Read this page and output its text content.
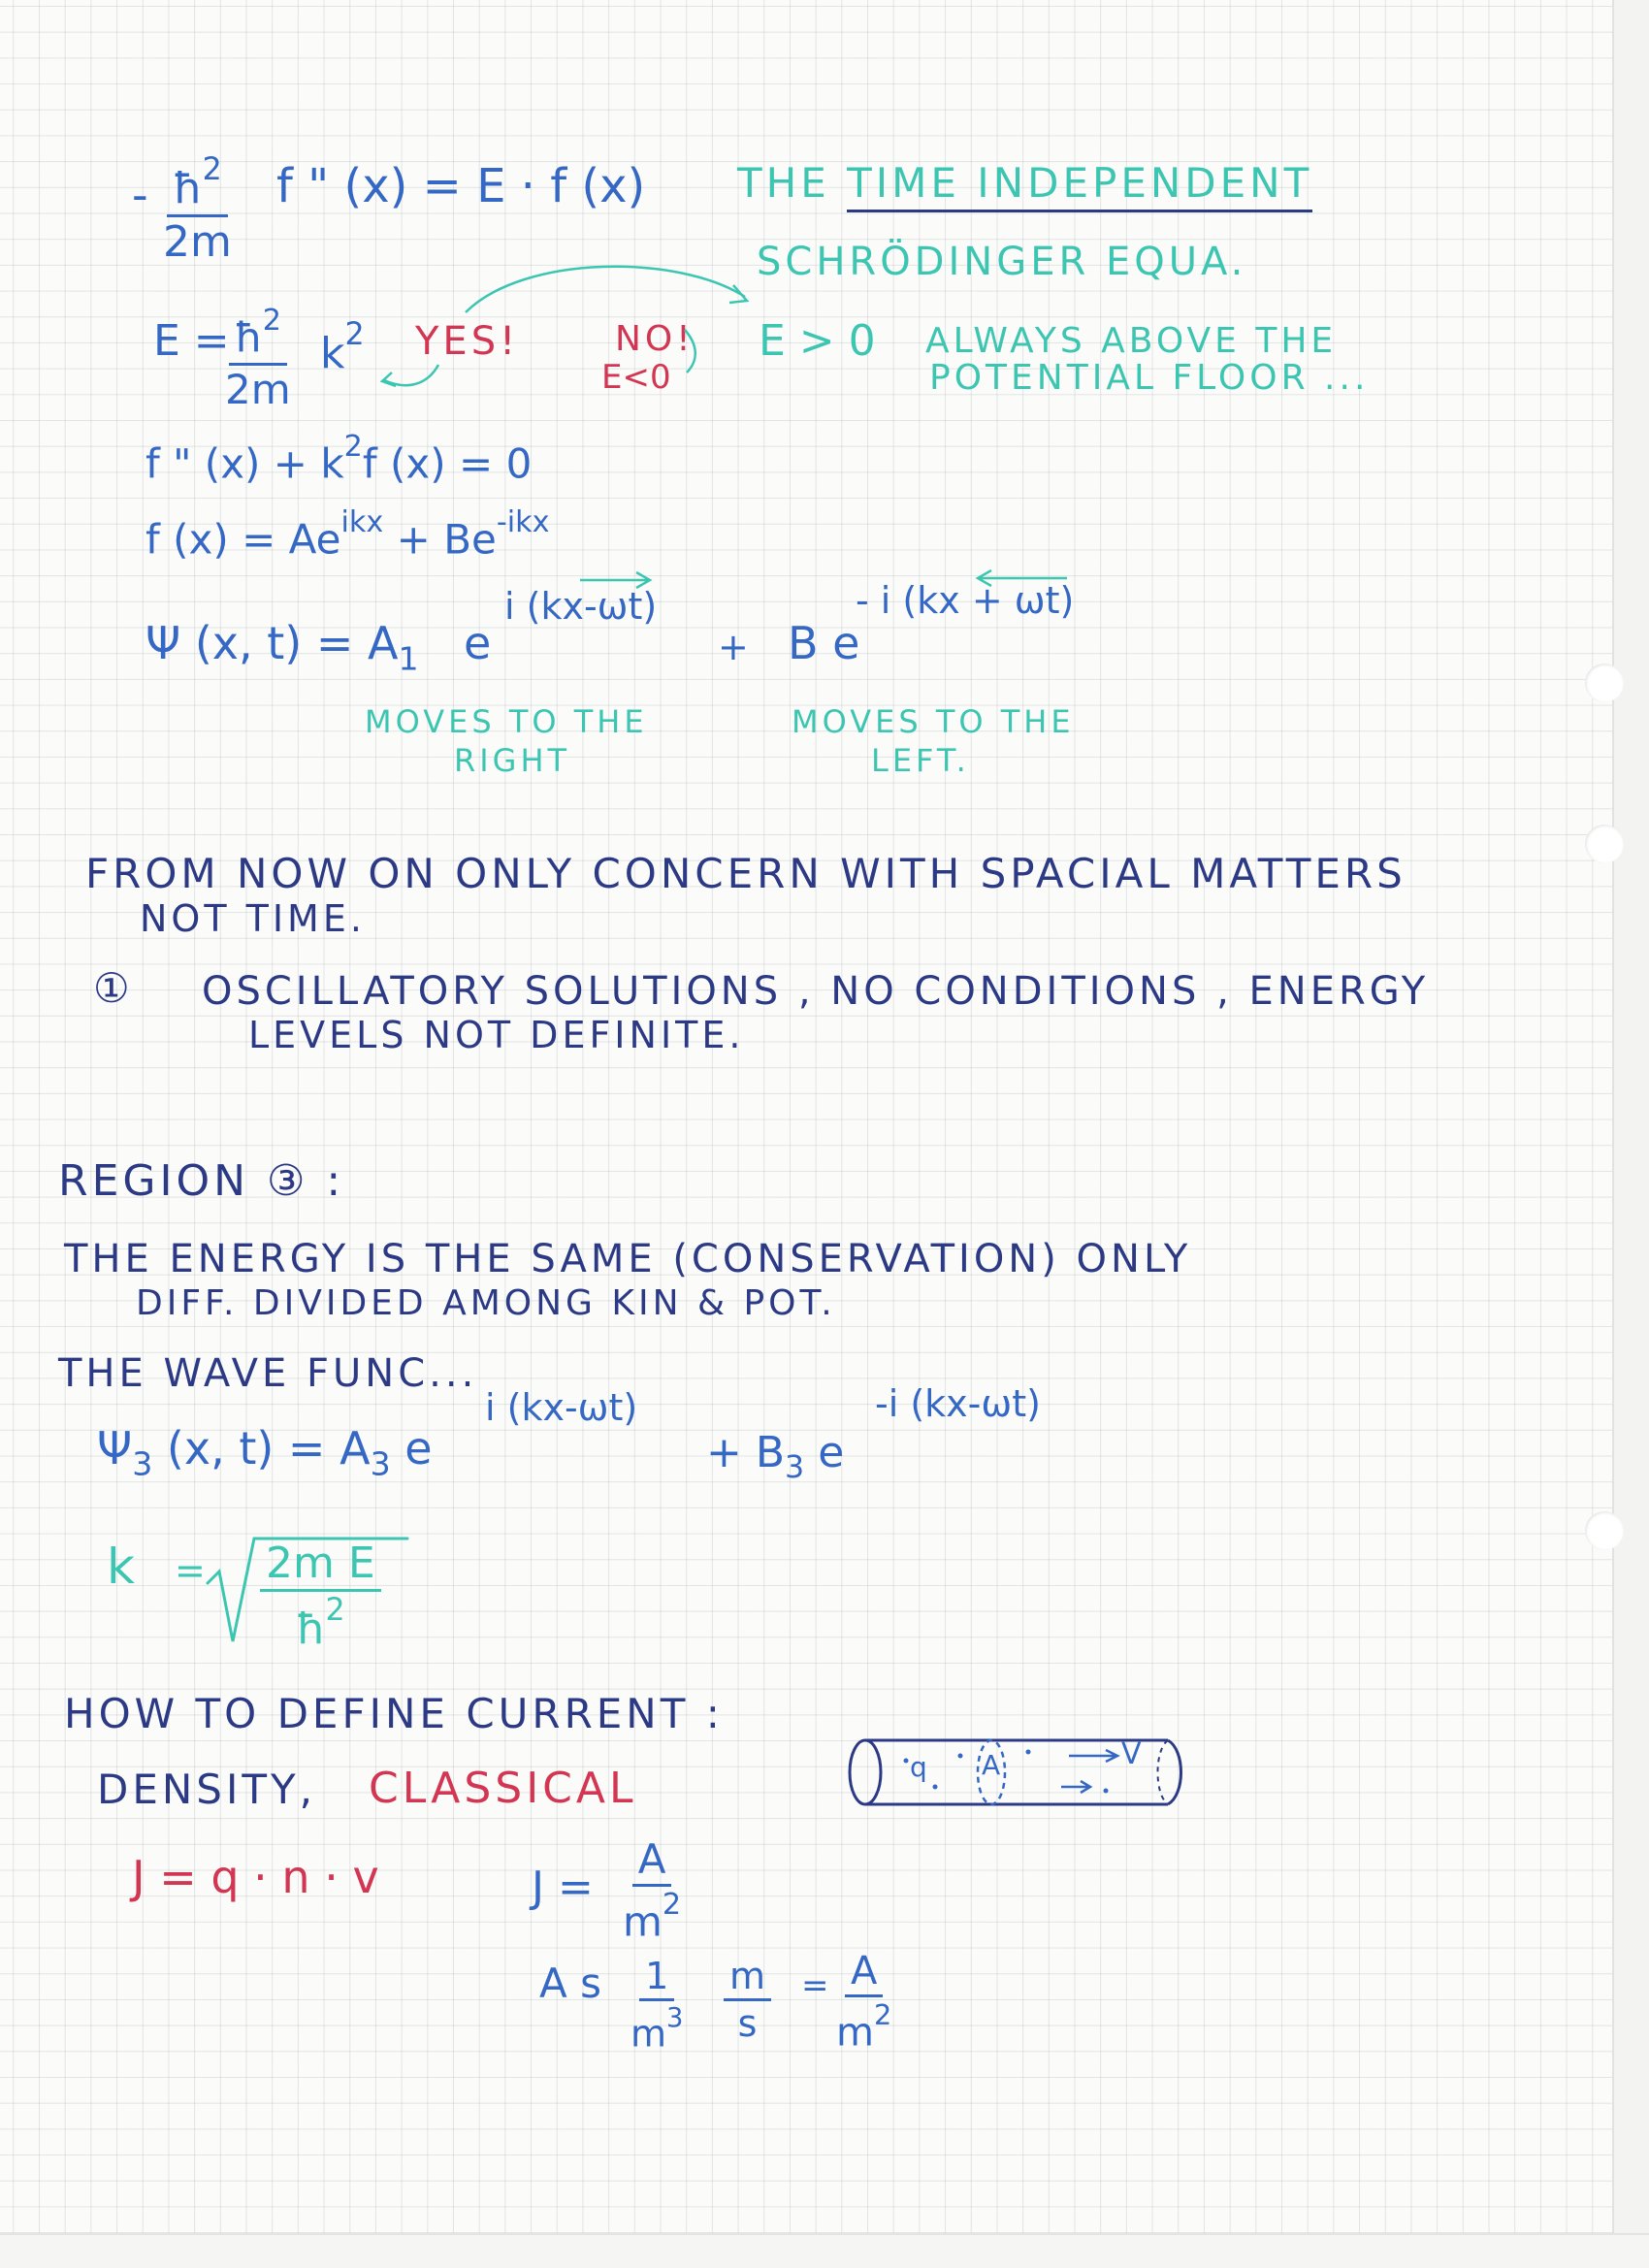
- $\frac{ħ^2}{2m}$ f " (x) = E · f (x) THE TIME INDEPENDENT
SCHRÖDINGER EQUA.
E =
$\frac{ħ^2}{2m} k^2$ YES!	NO!
E<0
E > 0 ALWAYS ABOVE THE
POTENTIAL FLOOR ...
f " $(x) + k^2f$ (x) = 0
f $(x) = Ae^{ikx} + Be^{-ikx}$
Ψ (x, $t) = A_1$ e
i (kx-ωt)
+ B e
- i (kx + ωt)
MOVES TO THE
RIGHT
MOVES TO THE
LEFT.
FROM NOW ON ONLY CONCERN WITH SPACIAL MATTERS
NOT TIME.
① OSCILLATORY SOLUTIONS , NO CONDITIONS , ENERGY
LEVELS NOT DEFINITE.
REGION ③ :
THE ENERGY IS THE SAME (CONSERVATION) ONLY
DIFF. DIVIDED AMONG KIN & POT.
THE WAVE FUNC...
$\Psi_3$ (x, $t) = A_3$ e
i (kx-ωt)
+ $B_3$ e
-i (kx-ωt)
$k = \frac{\text{2m E}}{ħ^2}$
HOW TO DEFINE CURRENT :
DENSITY, CLASSICAL
J = q · n · v	$J = \frac{A}{m^2}$
A s $\frac{1}{m^3} \frac{m}{s} = \frac{A}{m^2}$
q A	V
